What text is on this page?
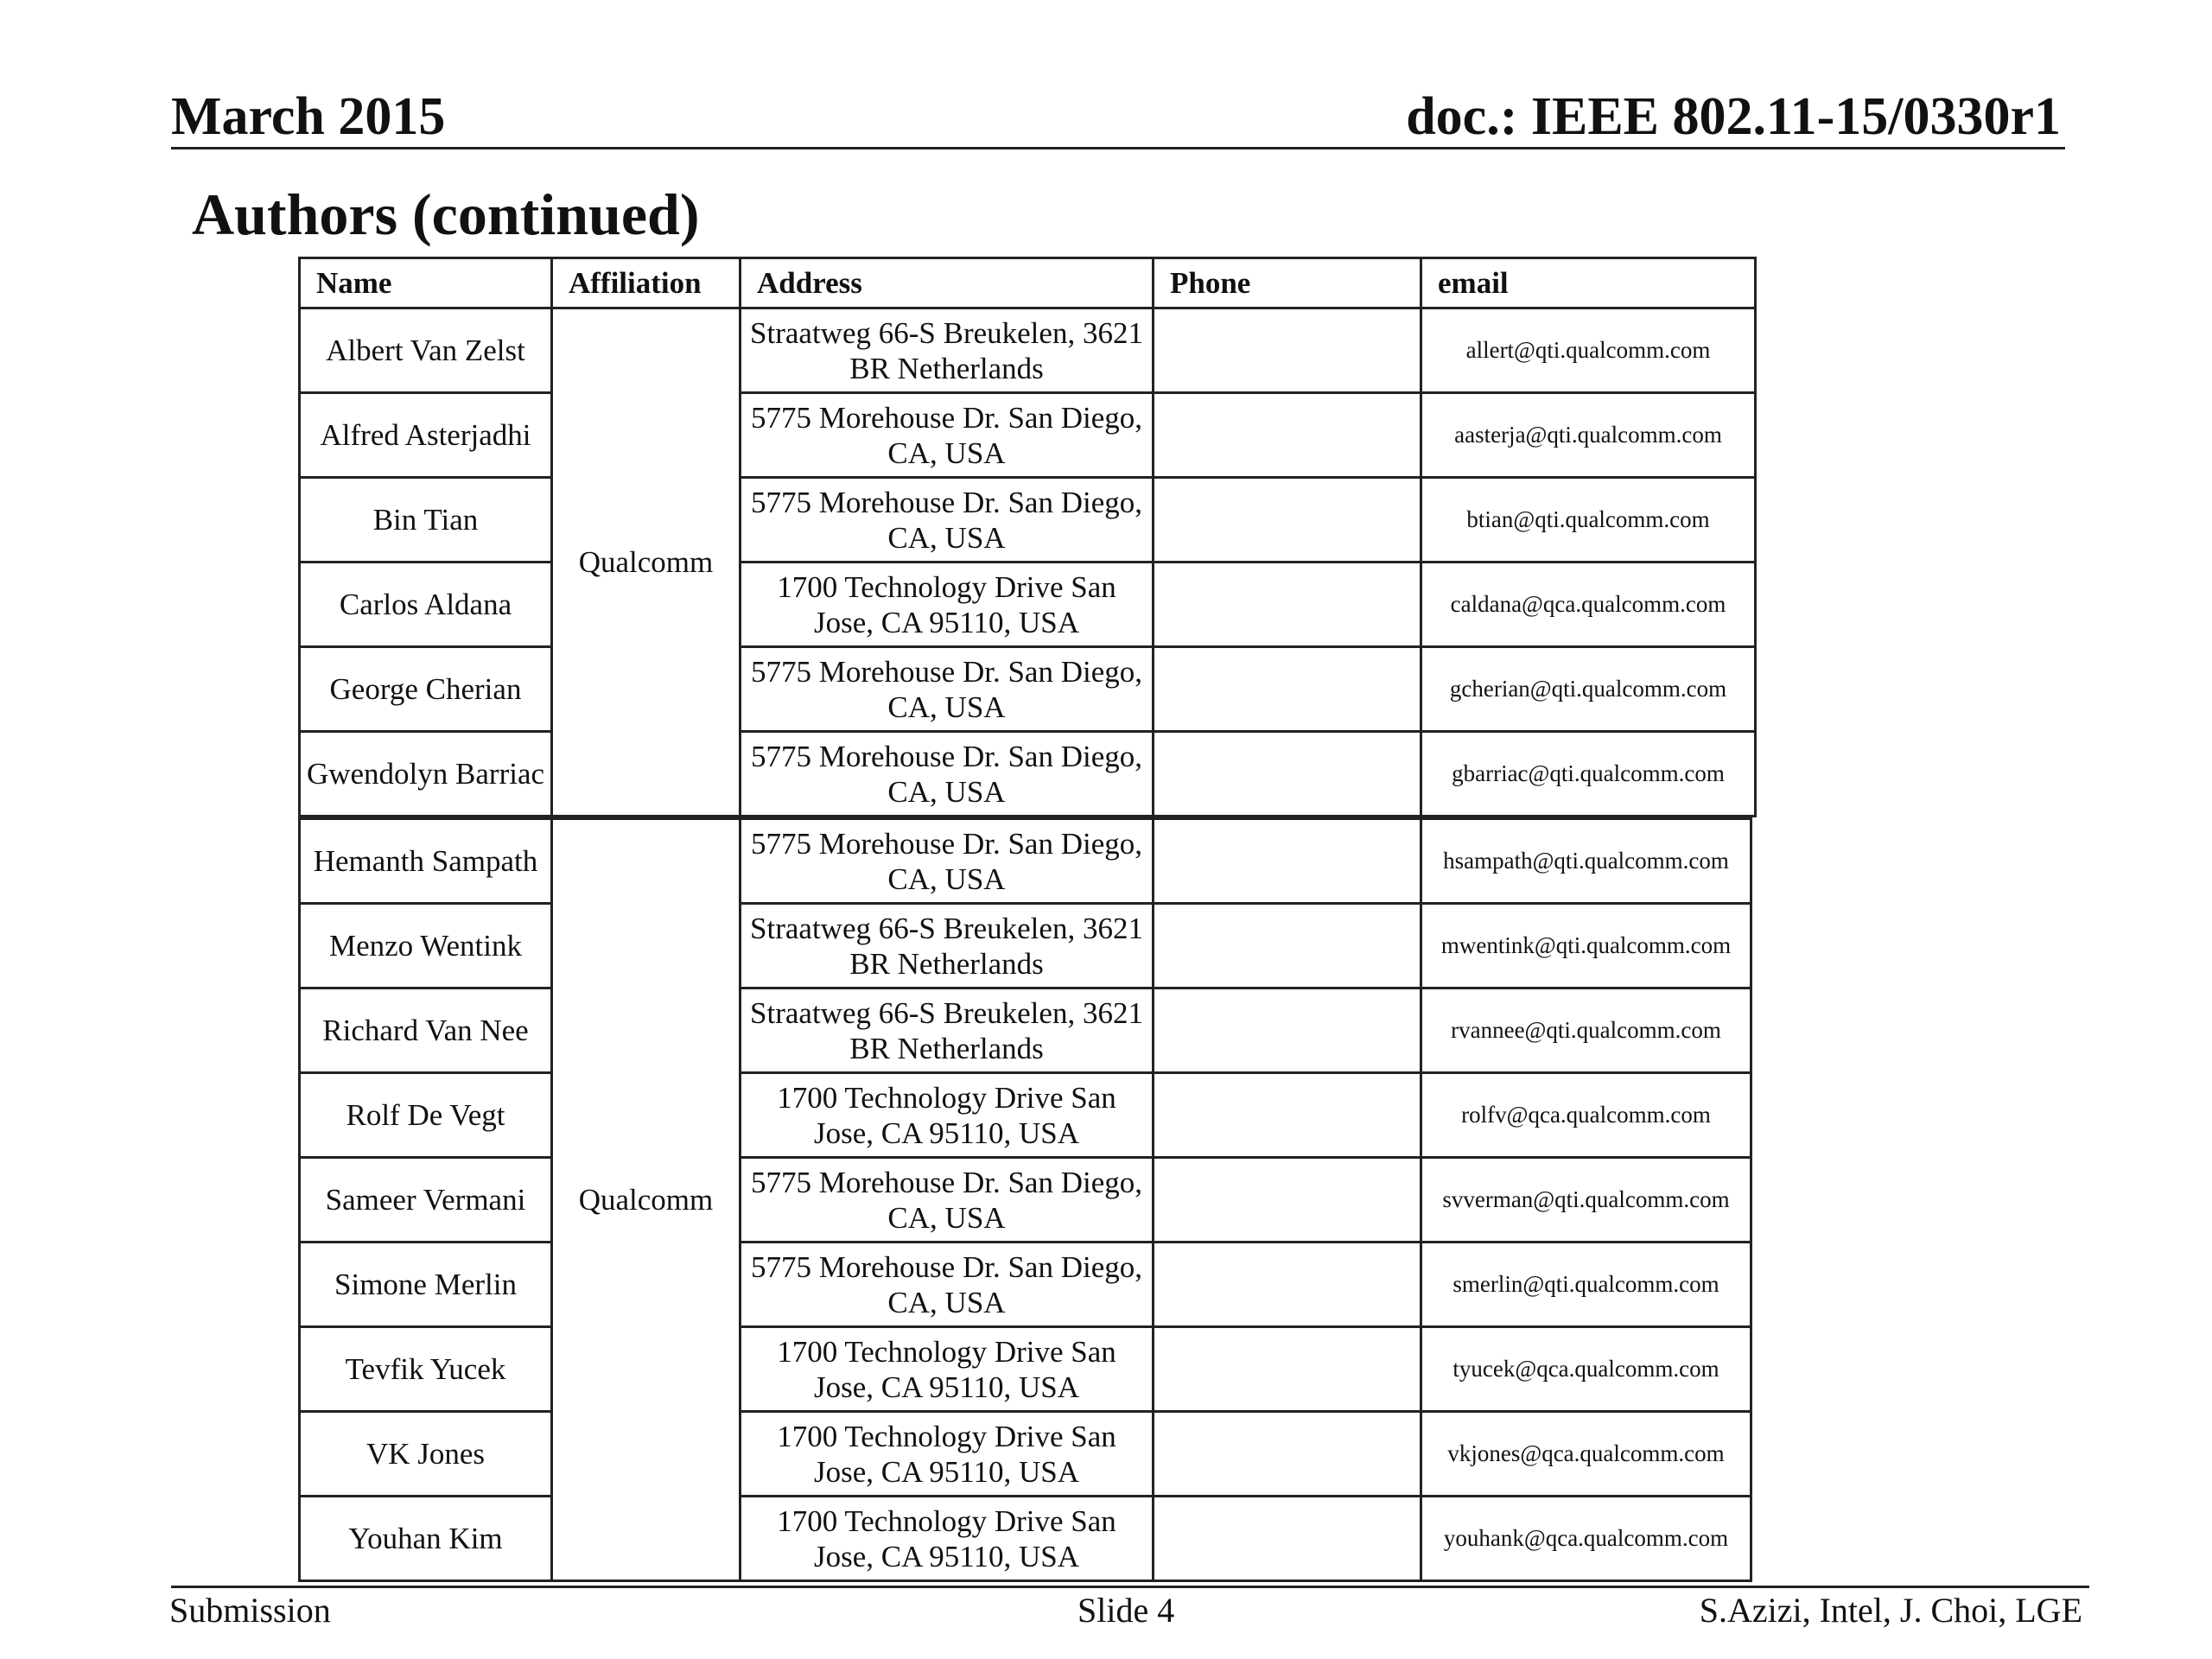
March 2015	doc.: IEEE 802.11-15/0330r1
Authors (continued)
Name	Affiliation	Address	Phone	email
Albert Van Zelst	Qualcomm	Straatweg 66-S Breukelen, 3621 BR Netherlands		allert@qti.qualcomm.com
Alfred Asterjadhi		5775 Morehouse Dr. San Diego, CA, USA		aasterja@qti.qualcomm.com
Bin Tian		5775 Morehouse Dr. San Diego, CA, USA		btian@qti.qualcomm.com
Carlos Aldana		1700 Technology Drive San Jose, CA 95110, USA		caldana@qca.qualcomm.com
George Cherian		5775 Morehouse Dr. San Diego, CA, USA		gcherian@qti.qualcomm.com
Gwendolyn Barriac		5775 Morehouse Dr. San Diego, CA, USA		gbarriac@qti.qualcomm.com
Hemanth Sampath	Qualcomm	5775 Morehouse Dr. San Diego, CA, USA		hsampath@qti.qualcomm.com
Menzo Wentink		Straatweg 66-S Breukelen, 3621 BR Netherlands		mwentink@qti.qualcomm.com
Richard Van Nee		Straatweg 66-S Breukelen, 3621 BR Netherlands		rvannee@qti.qualcomm.com
Rolf De Vegt		1700 Technology Drive San Jose, CA 95110, USA		rolfv@qca.qualcomm.com
Sameer Vermani		5775 Morehouse Dr. San Diego, CA, USA		svverman@qti.qualcomm.com
Simone Merlin		5775 Morehouse Dr. San Diego, CA, USA		smerlin@qti.qualcomm.com
Tevfik Yucek		1700 Technology Drive San Jose, CA 95110, USA		tyucek@qca.qualcomm.com
VK Jones		1700 Technology Drive San Jose, CA 95110, USA		vkjones@qca.qualcomm.com
Youhan Kim		1700 Technology Drive San Jose, CA 95110, USA		youhank@qca.qualcomm.com
Submission	Slide 4	S.Azizi, Intel, J. Choi, LGE
